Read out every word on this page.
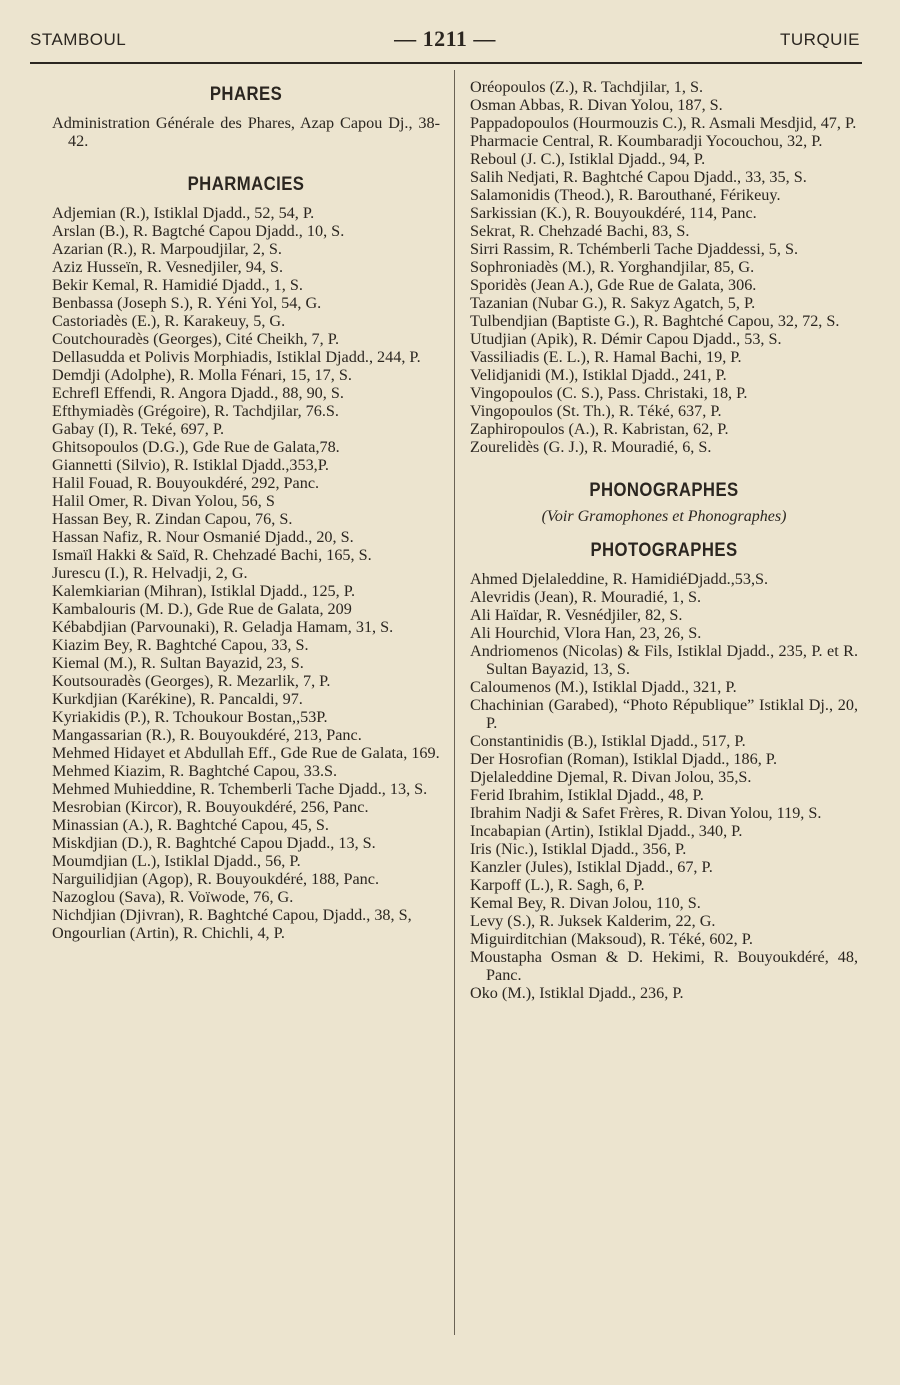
STAMBOUL	— 1211 —	TURQUIE
PHARES

Administration Générale des Phares, Azap Capou Dj., 38-42.

PHARMACIES

Adjemian (R.), Istiklal Djadd., 52, 54, P.

Arslan (B.), R. Bagtché Capou Djadd., 10, S.

Azarian (R.), R. Marpoudjilar, 2, S.

Aziz Husseïn, R. Vesnedjiler, 94, S.

Bekir Kemal, R. Hamidié Djadd., 1, S.

Benbassa (Joseph S.), R. Yéni Yol, 54, G.

Castoriadès (E.), R. Karakeuy, 5, G.

Coutchouradès (Georges), Cité Cheikh, 7, P.

Dellasudda et Polivis Morphiadis, Istiklal Djadd., 244, P.

Demdji (Adolphe), R. Molla Fénari, 15, 17, S.

Echrefl Effendi, R. Angora Djadd., 88, 90, S.

Efthymiadès (Grégoire), R. Tachdjilar, 76.S.

Gabay (I), R. Teké, 697, P.

Ghitsopoulos (D.G.), Gde Rue de Galata,78.

Giannetti (Silvio), R. Istiklal Djadd.,353,P.

Halil Fouad, R. Bouyoukdéré, 292, Panc.

Halil Omer, R. Divan Yolou, 56, S

Hassan Bey, R. Zindan Capou, 76, S.

Hassan Nafiz, R. Nour Osmanié Djadd., 20, S.

Ismaïl Hakki & Saïd, R. Chehzadé Bachi, 165, S.

Jurescu (I.), R. Helvadji, 2, G.

Kalemkiarian (Mihran), Istiklal Djadd., 125, P.

Kambalouris (M. D.), Gde Rue de Galata, 209

Kébabdjian (Parvounaki), R. Geladja Hamam, 31, S.

Kiazim Bey, R. Baghtché Capou, 33, S.

Kiemal (M.), R. Sultan Bayazid, 23, S.

Koutsouradès (Georges), R. Mezarlik, 7, P.

Kurkdjian (Karékine), R. Pancaldi, 97.

Kyriakidis (P.), R. Tchoukour Bostan,,53P.

Mangassarian (R.), R. Bouyoukdéré, 213, Panc.

Mehmed Hidayet et Abdullah Eff., Gde Rue de Galata, 169.

Mehmed Kiazim, R. Baghtché Capou, 33.S.

Mehmed Muhieddine, R. Tchemberli Tache Djadd., 13, S.

Mesrobian (Kircor), R. Bouyoukdéré, 256, Panc.

Minassian (A.), R. Baghtché Capou, 45, S.

Miskdjian (D.), R. Baghtché Capou Djadd., 13, S.

Moumdjian (L.), Istiklal Djadd., 56, P.

Narguilidjian (Agop), R. Bouyoukdéré, 188, Panc.

Nazoglou (Sava), R. Voïwode, 76, G.

Nichdjian (Djivran), R. Baghtché Capou, Djadd., 38, S,

Ongourlian (Artin), R. Chichli, 4, P.

Oréopoulos (Z.), R. Tachdjilar, 1, S.

Osman Abbas, R. Divan Yolou, 187, S.

Pappadopoulos (Hourmouzis C.), R. Asmali Mesdjid, 47, P.

Pharmacie Central, R. Koumbaradji Yocouchou, 32, P.

Reboul (J. C.), Istiklal Djadd., 94, P.

Salih Nedjati, R. Baghtché Capou Djadd., 33, 35, S.

Salamonidis (Theod.), R. Barouthané, Férikeuy.

Sarkissian (K.), R. Bouyoukdéré, 114, Panc.

Sekrat, R. Chehzadé Bachi, 83, S.

Sirri Rassim, R. Tchémberli Tache Djaddessi, 5, S.

Sophroniadès (M.), R. Yorghandjilar, 85, G.

Sporidès (Jean A.), Gde Rue de Galata, 306.

Tazanian (Nubar G.), R. Sakyz Agatch, 5, P.

Tulbendjian (Baptiste G.), R. Baghtché Capou, 32, 72, S.

Utudjian (Apik), R. Démir Capou Djadd., 53, S.

Vassiliadis (E. L.), R. Hamal Bachi, 19, P.

Velidjanidi (M.), Istiklal Djadd., 241, P.

Vingopoulos (C. S.), Pass. Christaki, 18, P.

Vingopoulos (St. Th.), R. Téké, 637, P.

Zaphiropoulos (A.), R. Kabristan, 62, P.

Zourelidès (G. J.), R. Mouradié, 6, S.

PHONOGRAPHES
(Voir Gramophones et Phonographes)
PHOTOGRAPHES

Ahmed Djelaleddine, R. HamidiéDjadd.,53,S.

Alevridis (Jean), R. Mouradié, 1, S.

Ali Haïdar, R. Vesnédjiler, 82, S.

Ali Hourchid, Vlora Han, 23, 26, S.

Andriomenos (Nicolas) & Fils, Istiklal Djadd., 235, P. et R. Sultan Bayazid, 13, S.

Caloumenos (M.), Istiklal Djadd., 321, P.

Chachinian (Garabed), “Photo République” Istiklal Dj., 20, P.

Constantinidis (B.), Istiklal Djadd., 517, P.

Der Hosrofian (Roman), Istiklal Djadd., 186, P.

Djelaleddine Djemal, R. Divan Jolou, 35,S.

Ferid Ibrahim, Istiklal Djadd., 48, P.

Ibrahim Nadji & Safet Frères, R. Divan Yolou, 119, S.

Incabapian (Artin), Istiklal Djadd., 340, P.

Iris (Nic.), Istiklal Djadd., 356, P.

Kanzler (Jules), Istiklal Djadd., 67, P.

Karpoff (L.), R. Sagh, 6, P.

Kemal Bey, R. Divan Jolou, 110, S.

Levy (S.), R. Juksek Kalderim, 22, G.

Miguirditchian (Maksoud), R. Téké, 602, P.

Moustapha Osman & D. Hekimi, R. Bouyoukdéré, 48, Panc.

Oko (M.), Istiklal Djadd., 236, P.
